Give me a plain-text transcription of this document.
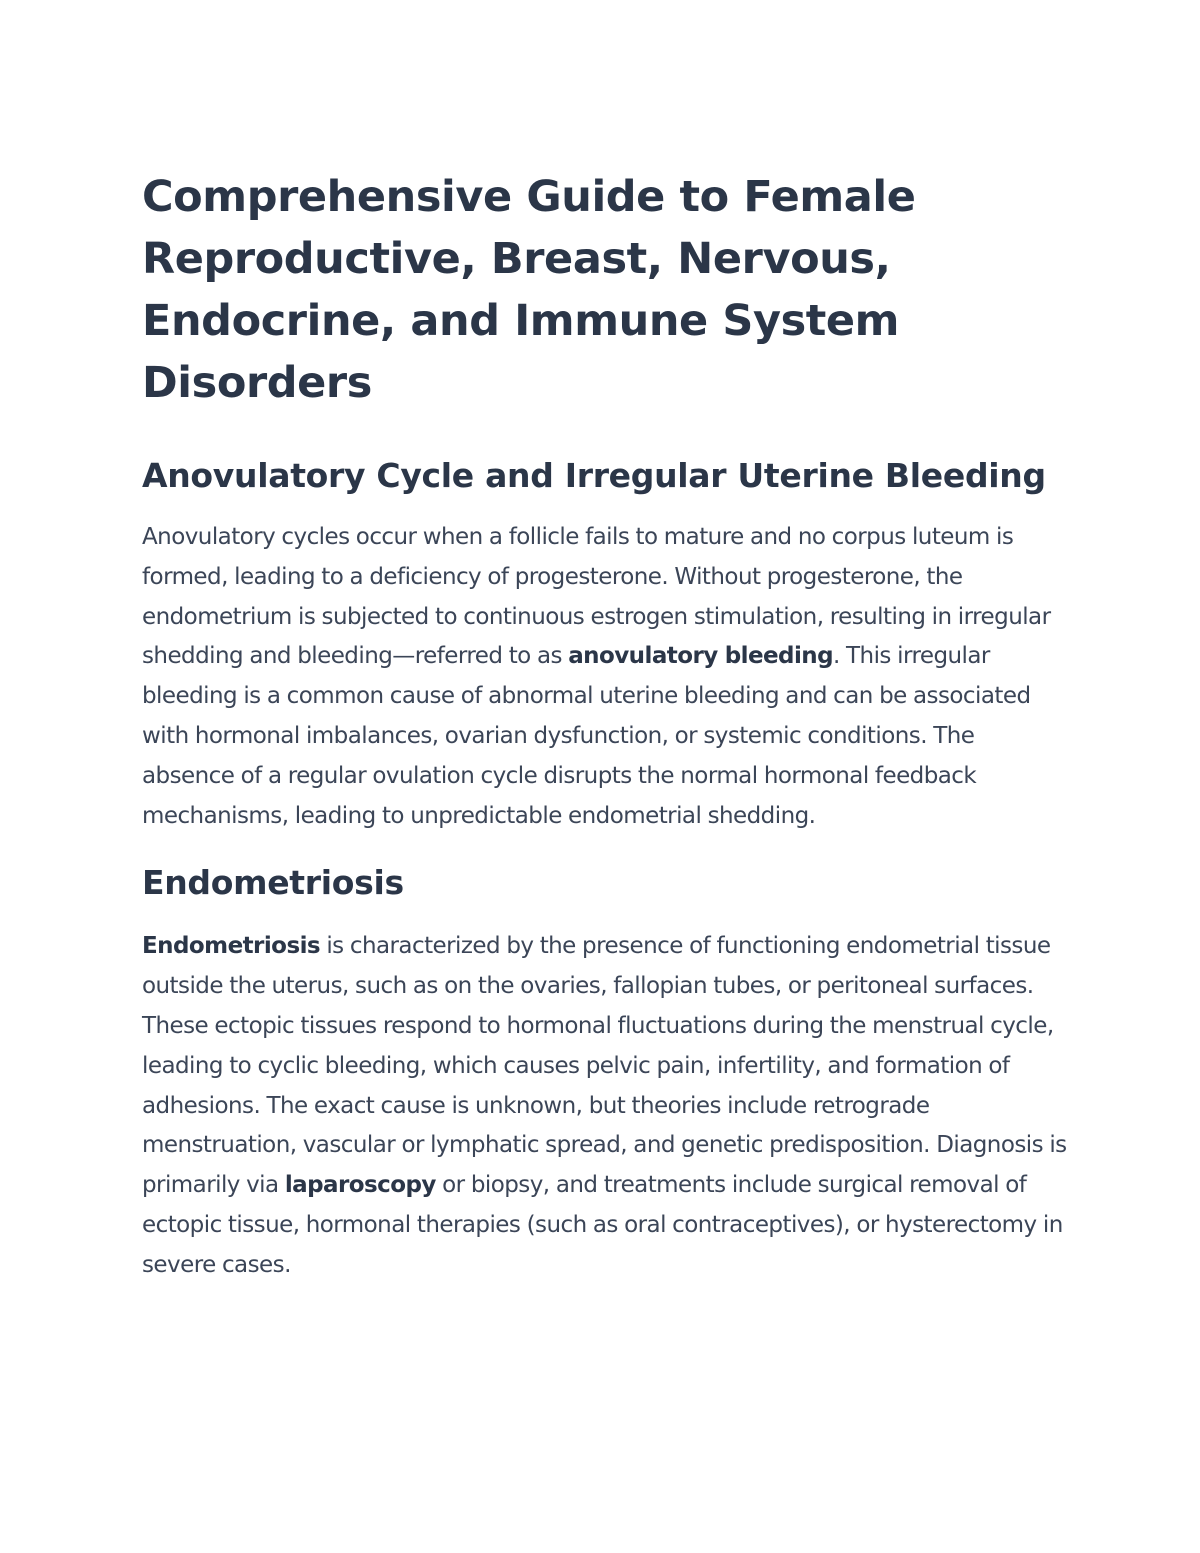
Comprehensive Guide to Female Reproductive, Breast, Nervous, Endocrine, and Immune System Disorders
Anovulatory Cycle and Irregular Uterine Bleeding

Anovulatory cycles occur when a follicle fails to mature and no corpus luteum is formed, leading to a deficiency of progesterone. Without progesterone, the endometrium is subjected to continuous estrogen stimulation, resulting in irregular shedding and bleeding—referred to as anovulatory bleeding. This irregular bleeding is a common cause of abnormal uterine bleeding and can be associated with hormonal imbalances, ovarian dysfunction, or systemic conditions. The absence of a regular ovulation cycle disrupts the normal hormonal feedback mechanisms, leading to unpredictable endometrial shedding.

Endometriosis

Endometriosis is characterized by the presence of functioning endometrial tissue outside the uterus, such as on the ovaries, fallopian tubes, or peritoneal surfaces. These ectopic tissues respond to hormonal fluctuations during the menstrual cycle, leading to cyclic bleeding, which causes pelvic pain, infertility, and formation of adhesions. The exact cause is unknown, but theories include retrograde menstruation, vascular or lymphatic spread, and genetic predisposition. Diagnosis is primarily via laparoscopy or biopsy, and treatments include surgical removal of ectopic tissue, hormonal therapies (such as oral contraceptives), or hysterectomy in severe cases.
